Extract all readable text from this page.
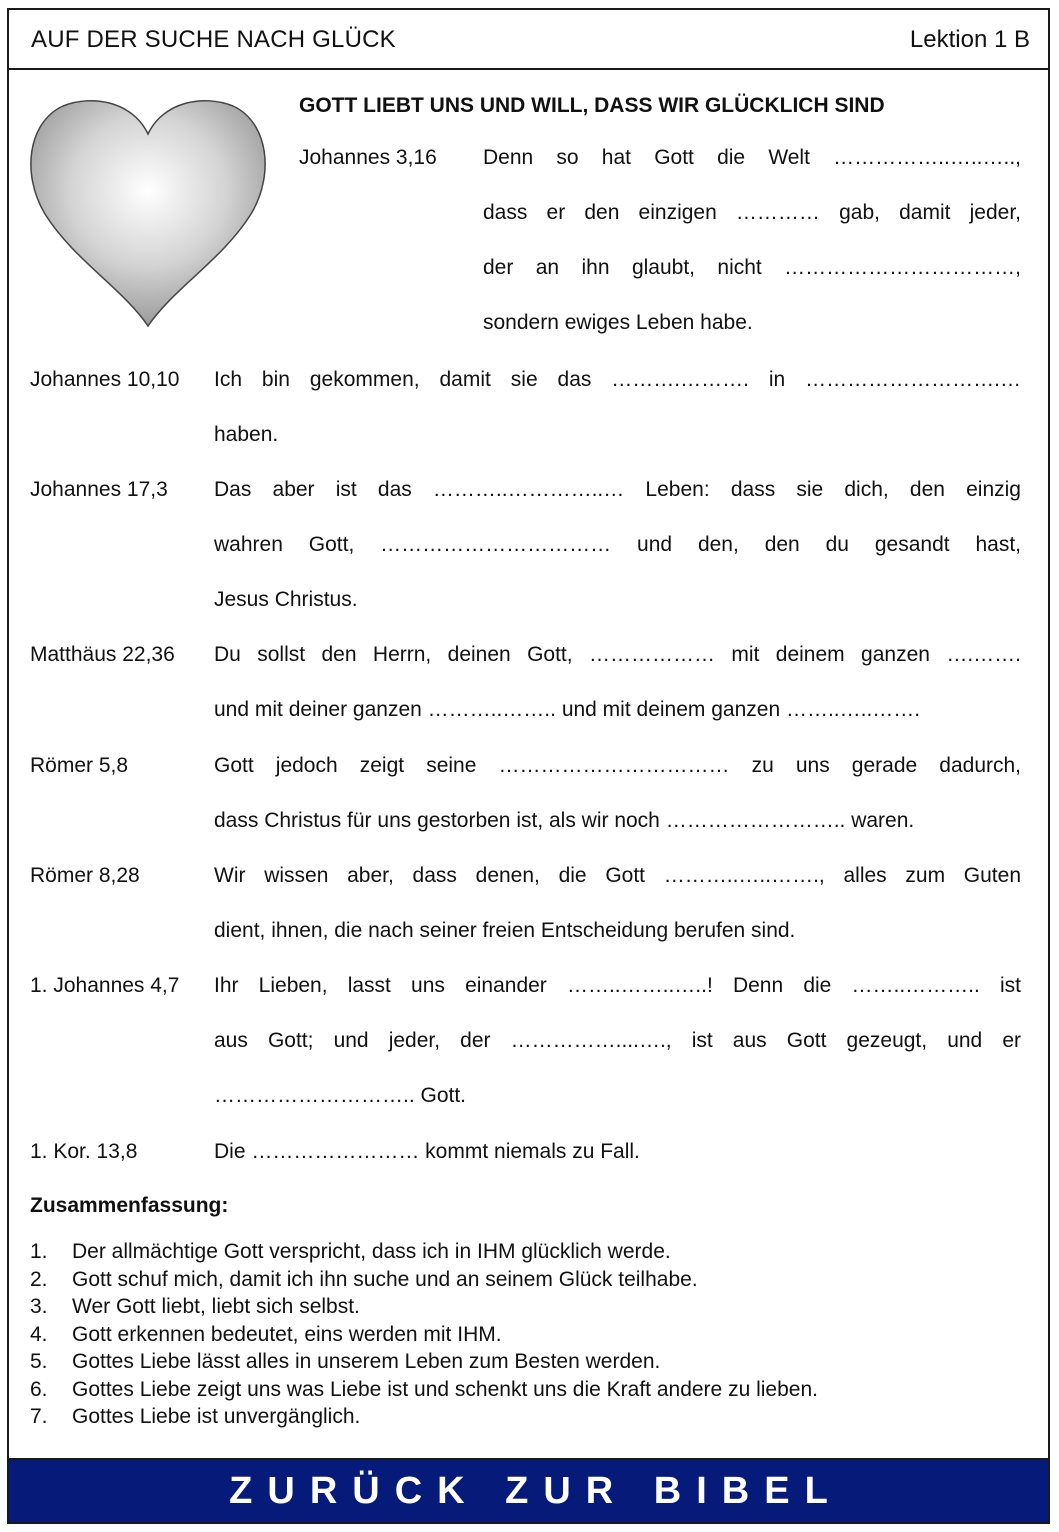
AUF DER SUCHE NACH GLÜCK	Lektion 1 B
GOTT LIEBT UNS UND WILL, DASS WIR GLÜCKLICH SIND
Johannes 3,16 Denn so hat Gott die Welt ……………..…..…..,
dass er den einzigen ………… gab, damit jeder,
der an ihn glaubt, nicht ……………………………,

sondern ewiges Leben habe.
Johannes 10,10 Ich bin gekommen, damit sie das ……….………. in ……………………….…

haben.
Johannes 17,3 Das aber ist das ………..…………..… Leben: dass sie dich, den einzig
wahren Gott, …………………………… und den, den du gesandt hast,

Jesus Christus.
Matthäus 22,36 Du sollst den Herrn, deinen Gott, ……………… mit deinem ganzen ….…….

und mit deiner ganzen ………..…….. und mit deinem ganzen ……..…..…….
Römer 5,8	Gott jedoch zeigt seine …………………………… zu uns gerade dadurch,

dass Christus für uns gestorben ist, als wir noch …………………….. waren.
Römer 8,28	Wir wissen aber, dass denen, die Gott ………..…..……., alles zum Guten

dient, ihnen, die nach seiner freien Entscheidung berufen sind.
1. Johannes 4,7 Ihr Lieben, lasst uns einander ……..……..…..! Denn die ……..……….. ist
aus Gott; und jeder, der ……………....…., ist aus Gott gezeugt, und er

……………………….. Gott.
1. Kor. 13,8	Die …………………… kommt niemals zu Fall.
Zusammenfassung:
1. Der allmächtige Gott verspricht, dass ich in IHM glücklich werde.
2. Gott schuf mich, damit ich ihn suche und an seinem Glück teilhabe.
3. Wer Gott liebt, liebt sich selbst.
4. Gott erkennen bedeutet, eins werden mit IHM.
5. Gottes Liebe lässt alles in unserem Leben zum Besten werden.
6. Gottes Liebe zeigt uns was Liebe ist und schenkt uns die Kraft andere zu lieben.
7. Gottes Liebe ist unvergänglich.
ZURÜCK ZUR BIBEL
